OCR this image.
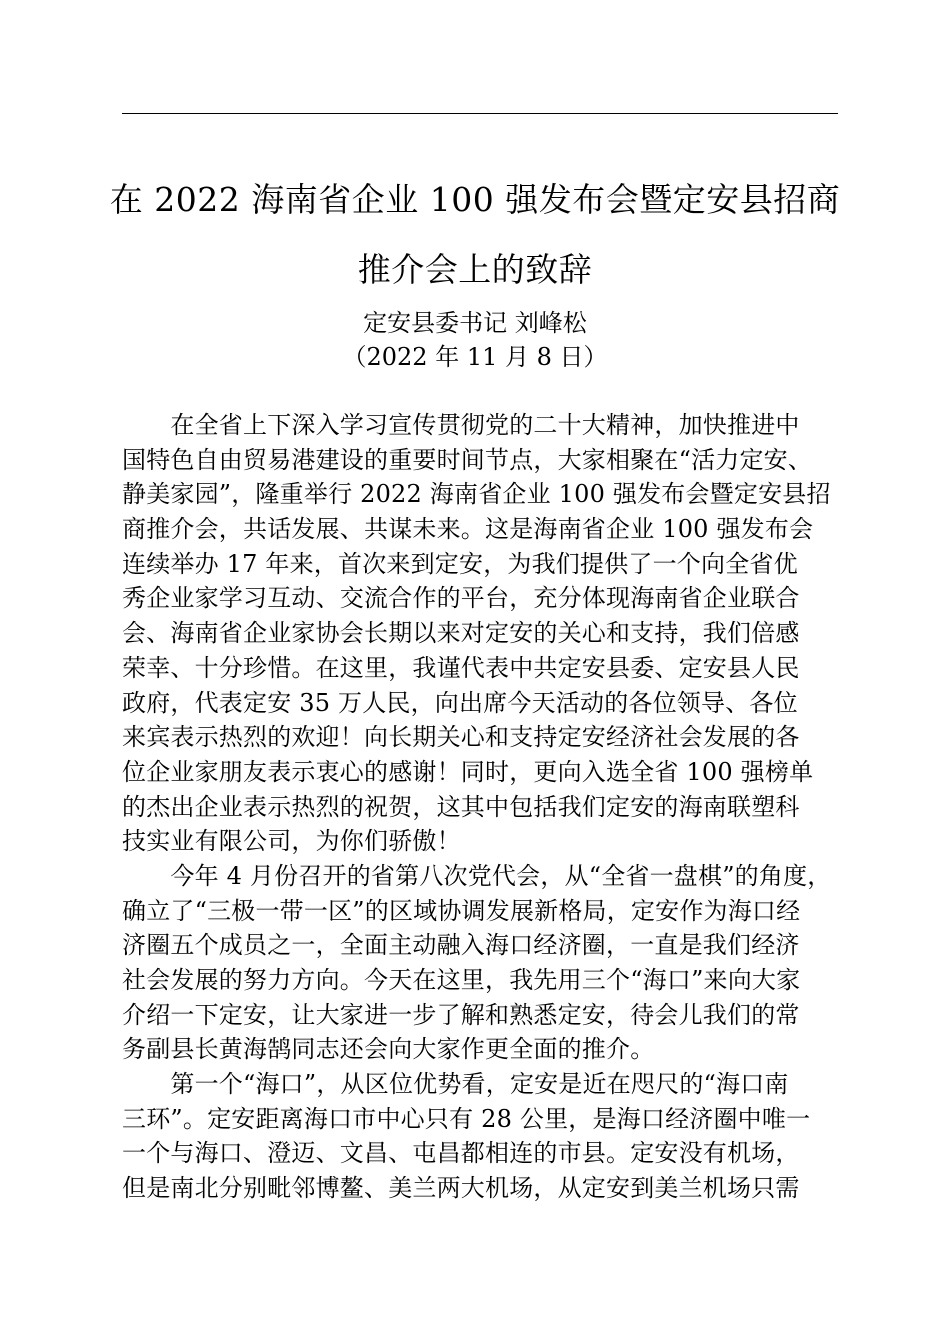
在 2022 海南省企业 100 强发布会暨定安县招商
推介会上的致辞
定安县委书记 刘峰松
（2022 年 11 月 8 日）
　　在全省上下深入学习宣传贯彻党的二十大精神，加快推进中
国特色自由贸易港建设的重要时间节点，大家相聚在“活力定安、
静美家园”，隆重举行 2022 海南省企业 100 强发布会暨定安县招
商推介会，共话发展、共谋未来。这是海南省企业 100 强发布会
连续举办 17 年来，首次来到定安，为我们提供了一个向全省优
秀企业家学习互动、交流合作的平台，充分体现海南省企业联合
会、海南省企业家协会长期以来对定安的关心和支持，我们倍感
荣幸、十分珍惜。在这里，我谨代表中共定安县委、定安县人民
政府，代表定安 35 万人民，向出席今天活动的各位领导、各位
来宾表示热烈的欢迎！向长期关心和支持定安经济社会发展的各
位企业家朋友表示衷心的感谢！同时，更向入选全省 100 强榜单
的杰出企业表示热烈的祝贺，这其中包括我们定安的海南联塑科
技实业有限公司，为你们骄傲！
　　今年 4 月份召开的省第八次党代会，从“全省一盘棋”的角度，
确立了“三极一带一区”的区域协调发展新格局，定安作为海口经
济圈五个成员之一，全面主动融入海口经济圈，一直是我们经济
社会发展的努力方向。今天在这里，我先用三个“海口”来向大家
介绍一下定安，让大家进一步了解和熟悉定安，待会儿我们的常
务副县长黄海鹄同志还会向大家作更全面的推介。
　　第一个“海口”，从区位优势看，定安是近在咫尺的“海口南
三环”。定安距离海口市中心只有 28 公里，是海口经济圈中唯一
一个与海口、澄迈、文昌、屯昌都相连的市县。定安没有机场，
但是南北分别毗邻博鳌、美兰两大机场，从定安到美兰机场只需
